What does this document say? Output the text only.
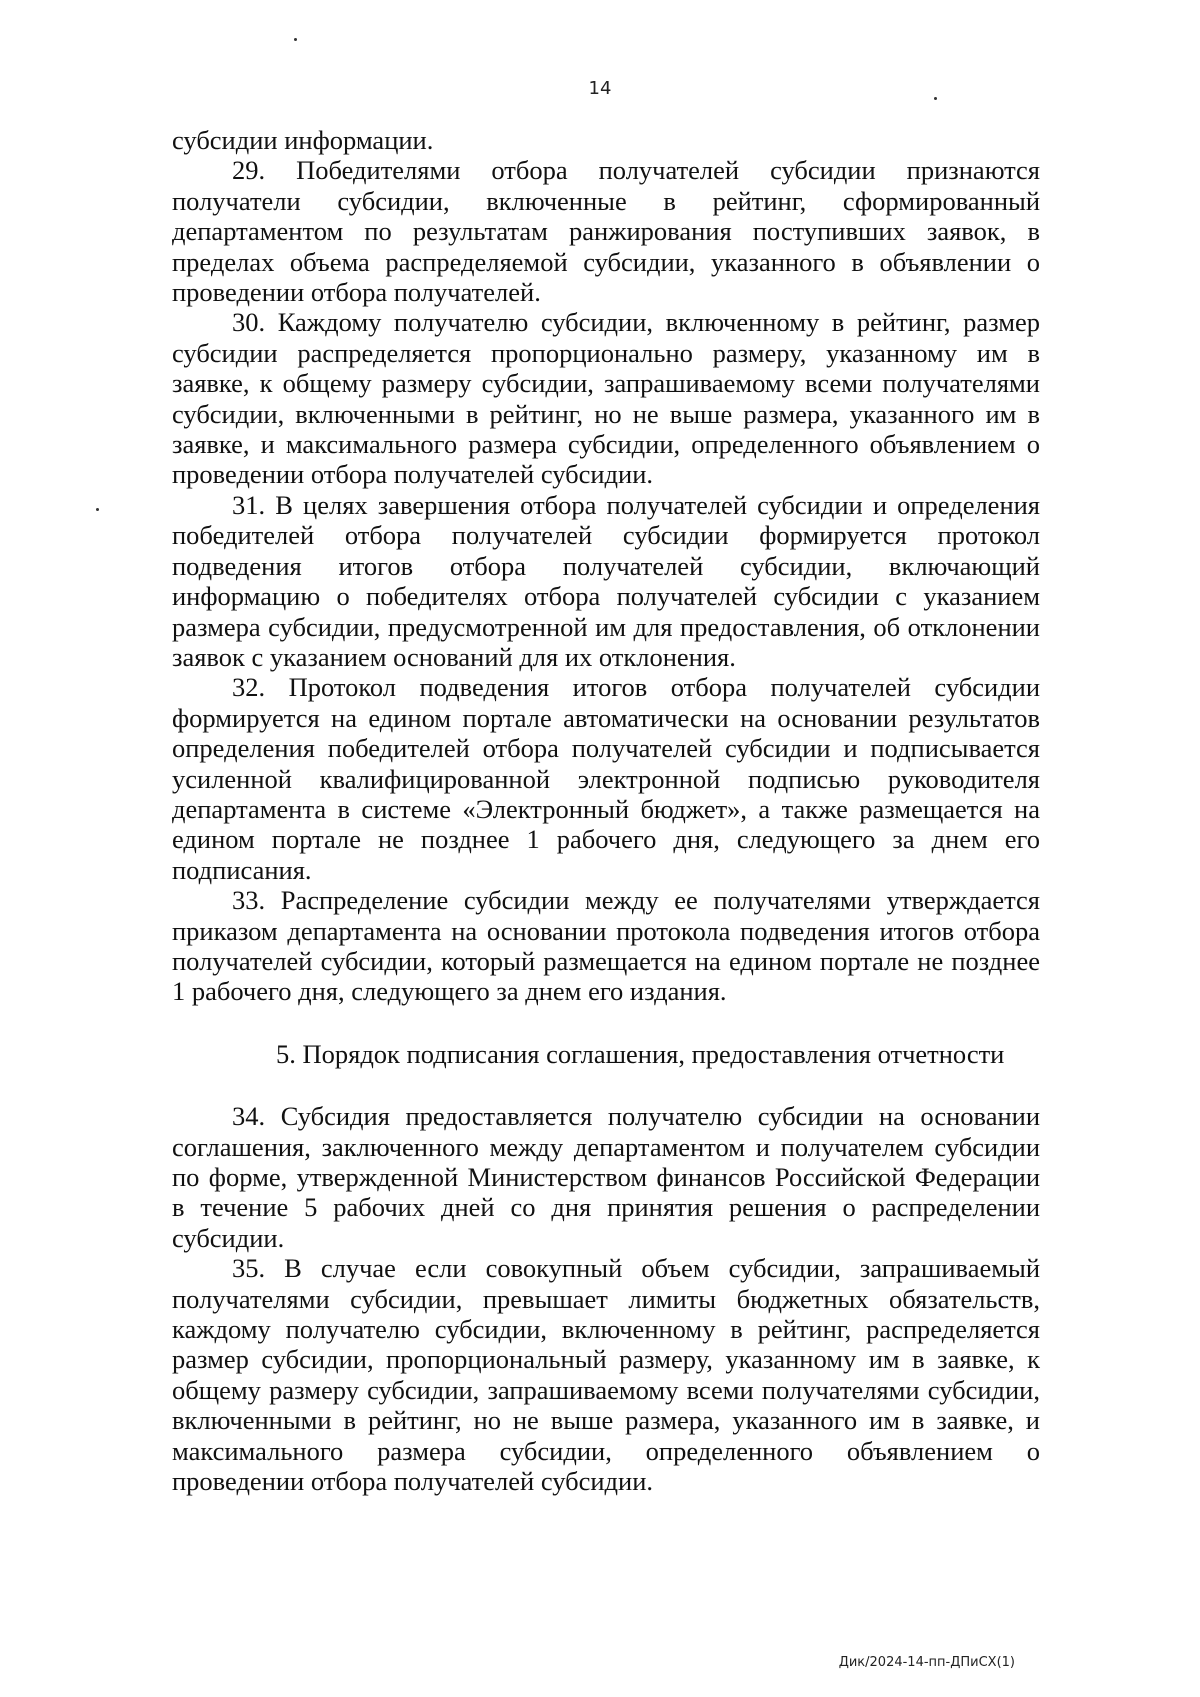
14

субсидии информации.

29. Победителями отбора получателей субсидии признаются получатели субсидии, включенные в рейтинг, сформированный департаментом по результатам ранжирования поступивших заявок, в пределах объема распределяемой субсидии, указанного в объявлении о проведении отбора получателей.

30. Каждому получателю субсидии, включенному в рейтинг, размер субсидии распределяется пропорционально размеру, указанному им в заявке, к общему размеру субсидии, запрашиваемому всеми получателями субсидии, включенными в рейтинг, но не выше размера, указанного им в заявке, и максимального размера субсидии, определенного объявлением о проведении отбора получателей субсидии.

31. В целях завершения отбора получателей субсидии и определения победителей отбора получателей субсидии формируется протокол подведения итогов отбора получателей субсидии, включающий информацию о победителях отбора получателей субсидии с указанием размера субсидии, предусмотренной им для предоставления, об отклонении заявок с указанием оснований для их отклонения.

32. Протокол подведения итогов отбора получателей субсидии формируется на едином портале автоматически на основании результатов определения победителей отбора получателей субсидии и подписывается усиленной квалифицированной электронной подписью руководителя департамента в системе «Электронный бюджет», а также размещается на едином портале не позднее 1 рабочего дня, следующего за днем его подписания.

33. Распределение субсидии между ее получателями утверждается приказом департамента на основании протокола подведения итогов отбора получателей субсидии, который размещается на едином портале не позднее 1 рабочего дня, следующего за днем его издания.

5. Порядок подписания соглашения, предоставления отчетности

34. Субсидия предоставляется получателю субсидии на основании соглашения, заключенного между департаментом и получателем субсидии по форме, утвержденной Министерством финансов Российской Федерации в течение 5 рабочих дней со дня принятия решения о распределении субсидии.

35. В случае если совокупный объем субсидии, запрашиваемый получателями субсидии, превышает лимиты бюджетных обязательств, каждому получателю субсидии, включенному в рейтинг, распределяется размер субсидии, пропорциональный размеру, указанному им в заявке, к общему размеру субсидии, запрашиваемому всеми получателями субсидии, включенными в рейтинг, но не выше размера, указанного им в заявке, и максимального размера субсидии, определенного объявлением о проведении отбора получателей субсидии.

Дик/2024-14-пп-ДПиСХ(1)
